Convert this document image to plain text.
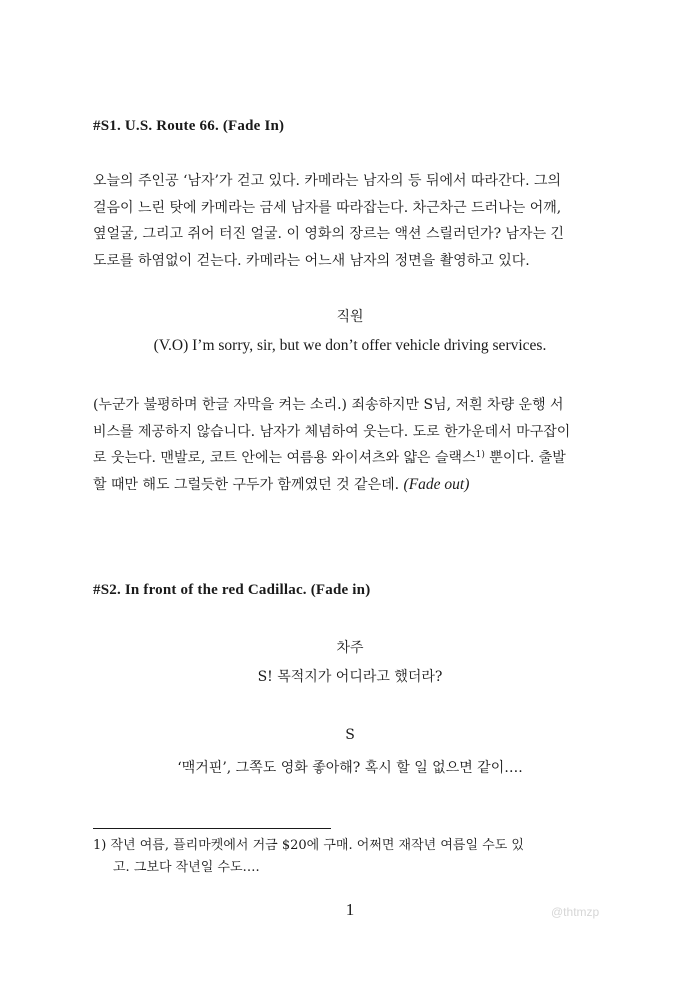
#S1. U.S. Route 66. (Fade In)

오늘의 주인공 ‘남자’가 걷고 있다. 카메라는 남자의 등 뒤에서 따라간다. 그의
걸음이 느린 탓에 카메라는 금세 남자를 따라잡는다. 차근차근 드러나는 어깨,
옆얼굴, 그리고 쥐어 터진 얼굴. 이 영화의 장르는 액션 스릴러던가? 남자는 긴
도로를 하염없이 걷는다. 카메라는 어느새 남자의 정면을 촬영하고 있다.

직원

(V.O) I’m sorry, sir, but we don’t offer vehicle driving services.

(누군가 불평하며 한글 자막을 켜는 소리.) 죄송하지만 S님, 저흰 차량 운행 서
비스를 제공하지 않습니다. 남자가 체념하여 웃는다. 도로 한가운데서 마구잡이
로 웃는다. 맨발로, 코트 안에는 여름용 와이셔츠와 얇은 슬랙스$^{1)}$ 뿐이다. 출발
할 때만 해도 그럴듯한 구두가 함께였던 것 같은데. (Fade out)

#S2. In front of the red Cadillac. (Fade in)

차주

S! 목적지가 어디라고 했더라?

S

‘맥거핀’, 그쪽도 영화 좋아해? 혹시 할 일 없으면 같이….

1) 작년 여름, 플리마켓에서 거금 $20에 구매. 어쩌면 재작년 여름일 수도 있
고. 그보다 작년일 수도….

1	@thtmzp
